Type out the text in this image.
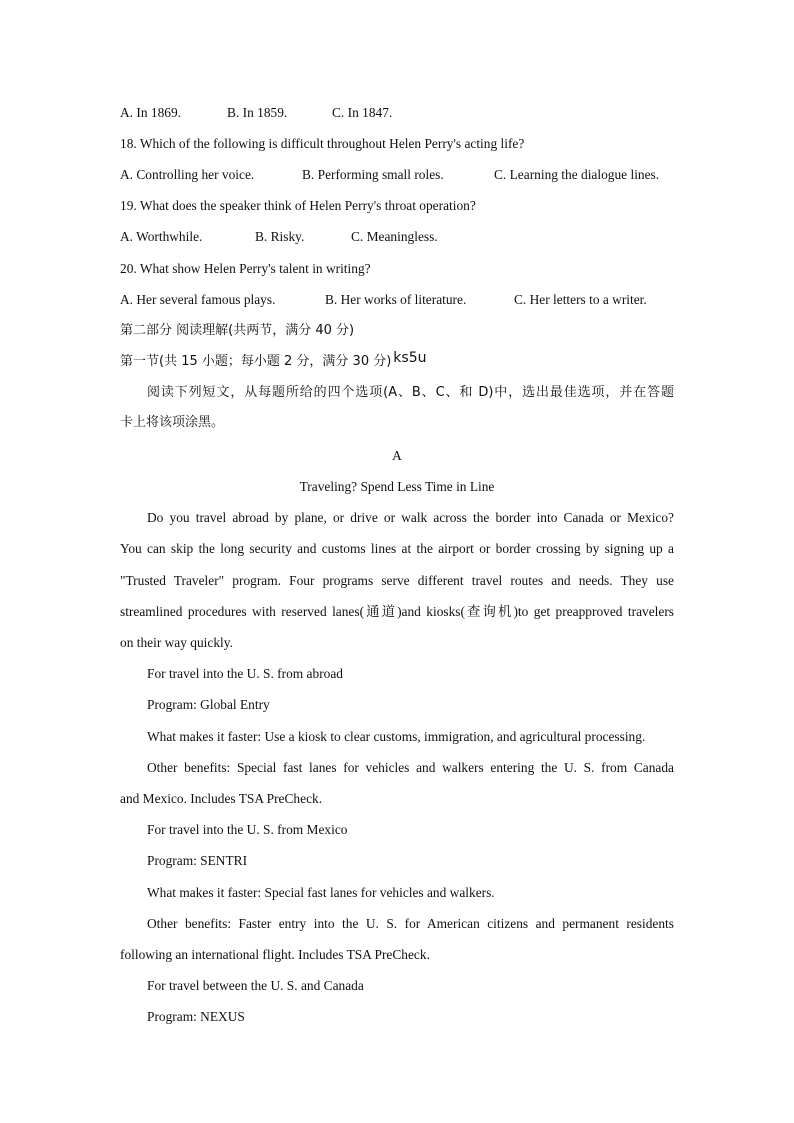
A. In 1869.	B. In 1859.	C. In 1847.
18. Which of the following is difficult throughout Helen Perry's acting life?
A. Controlling her voice.	B. Performing small roles.	C. Learning the dialogue lines.
19. What does the speaker think of Helen Perry's throat operation?
A. Worthwhile.	B. Risky.	C. Meaningless.
20. What show Helen Perry's talent in writing?
A. Her several famous plays.	B. Her works of literature.	C. Her letters to a writer.
第二部分 阅读理解(共两节，满分 40 分)
第一节(共 15 小题；每小题 2 分，满分 30 分) ks5u
阅读下列短文，从每题所给的四个选项(A、B、C、和 D)中，选出最佳选项，并在答题
卡上将该项涂黑。
A
Traveling? Spend Less Time in Line
Do you travel abroad by plane, or drive or walk across the border into Canada or Mexico?
You can skip the long security and customs lines at the airport or border crossing by signing up a
"Trusted Traveler" program. Four programs serve different travel routes and needs. They use
streamlined procedures with reserved lanes(通道)and kiosks(查询机)to get preapproved travelers
on their way quickly.
For travel into the U. S. from abroad
Program: Global Entry
What makes it faster: Use a kiosk to clear customs, immigration, and agricultural processing.
Other benefits: Special fast lanes for vehicles and walkers entering the U. S. from Canada
and Mexico. Includes TSA PreCheck.
For travel into the U. S. from Mexico
Program: SENTRI
What makes it faster: Special fast lanes for vehicles and walkers.
Other benefits: Faster entry into the U. S. for American citizens and permanent residents
following an international flight. Includes TSA PreCheck.
For travel between the U. S. and Canada
Program: NEXUS
